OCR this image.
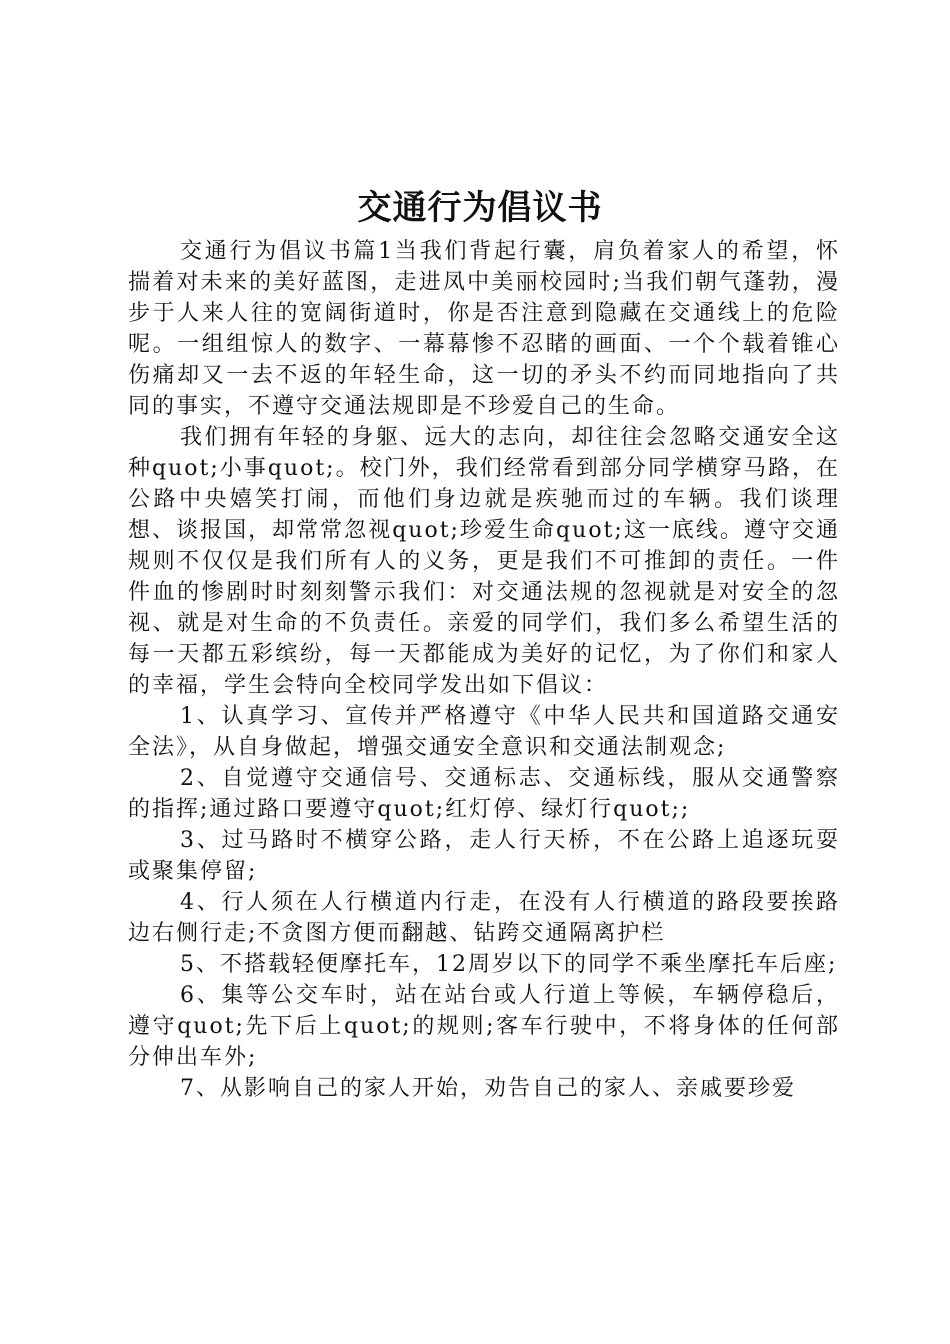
交通行为倡议书

交通行为倡议书篇1当我们背起行囊，肩负着家人的希望，怀揣着对未来的美好蓝图，走进凤中美丽校园时;当我们朝气蓬勃，漫步于人来人往的宽阔街道时，你是否注意到隐藏在交通线上的危险呢。一组组惊人的数字、一幕幕惨不忍睹的画面、一个个载着锥心伤痛却又一去不返的年轻生命，这一切的矛头不约而同地指向了共同的事实，不遵守交通法规即是不珍爱自己的生命。

我们拥有年轻的身躯、远大的志向，却往往会忽略交通安全这种quot;小事quot;。校门外，我们经常看到部分同学横穿马路，在公路中央嬉笑打闹，而他们身边就是疾驰而过的车辆。我们谈理想、谈报国，却常常忽视quot;珍爱生命quot;这一底线。遵守交通规则不仅仅是我们所有人的义务，更是我们不可推卸的责任。一件件血的惨剧时时刻刻警示我们：对交通法规的忽视就是对安全的忽视、就是对生命的不负责任。亲爱的同学们，我们多么希望生活的每一天都五彩缤纷，每一天都能成为美好的记忆，为了你们和家人的幸福，学生会特向全校同学发出如下倡议：

1、认真学习、宣传并严格遵守《中华人民共和国道路交通安全法》，从自身做起，增强交通安全意识和交通法制观念;

2、自觉遵守交通信号、交通标志、交通标线，服从交通警察的指挥;通过路口要遵守quot;红灯停、绿灯行quot;;

3、过马路时不横穿公路，走人行天桥，不在公路上追逐玩耍或聚集停留;

4、行人须在人行横道内行走，在没有人行横道的路段要挨路边右侧行走;不贪图方便而翻越、钻跨交通隔离护栏

5、不搭载轻便摩托车，12周岁以下的同学不乘坐摩托车后座;

6、集等公交车时，站在站台或人行道上等候，车辆停稳后，遵守quot;先下后上quot;的规则;客车行驶中，不将身体的任何部分伸出车外;

7、从影响自己的家人开始，劝告自己的家人、亲戚要珍爱
